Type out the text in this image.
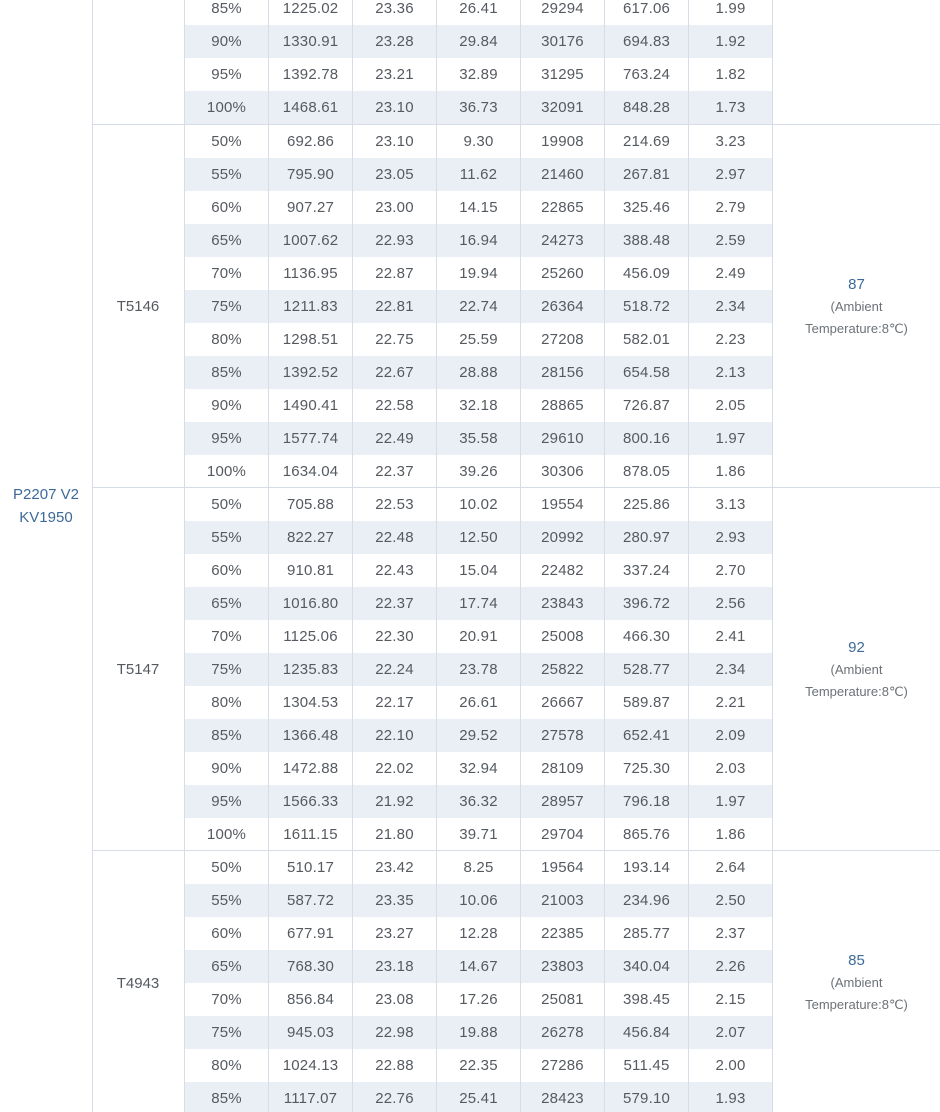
P2207 V2
KV1950
85%	1225.02	23.36	26.41	29294	617.06	1.99
90%	1330.91	23.28	29.84	30176	694.83	1.92
95%	1392.78	23.21	32.89	31295	763.24	1.82
100%	1468.61	23.10	36.73	32091	848.28	1.73
T5146
50%	692.86	23.10	9.30	19908	214.69	3.23
55%	795.90	23.05	11.62	21460	267.81	2.97
60%	907.27	23.00	14.15	22865	325.46	2.79
65%	1007.62	22.93	16.94	24273	388.48	2.59
70%	1136.95	22.87	19.94	25260	456.09	2.49
75%	1211.83	22.81	22.74	26364	518.72	2.34
80%	1298.51	22.75	25.59	27208	582.01	2.23
85%	1392.52	22.67	28.88	28156	654.58	2.13
90%	1490.41	22.58	32.18	28865	726.87	2.05
95%	1577.74	22.49	35.58	29610	800.16	1.97
100%	1634.04	22.37	39.26	30306	878.05	1.86
87
(Ambient
Temperature:8℃)
T5147
50%	705.88	22.53	10.02	19554	225.86	3.13
55%	822.27	22.48	12.50	20992	280.97	2.93
60%	910.81	22.43	15.04	22482	337.24	2.70
65%	1016.80	22.37	17.74	23843	396.72	2.56
70%	1125.06	22.30	20.91	25008	466.30	2.41
75%	1235.83	22.24	23.78	25822	528.77	2.34
80%	1304.53	22.17	26.61	26667	589.87	2.21
85%	1366.48	22.10	29.52	27578	652.41	2.09
90%	1472.88	22.02	32.94	28109	725.30	2.03
95%	1566.33	21.92	36.32	28957	796.18	1.97
100%	1611.15	21.80	39.71	29704	865.76	1.86
92
(Ambient
Temperature:8℃)
T4943
50%	510.17	23.42	8.25	19564	193.14	2.64
55%	587.72	23.35	10.06	21003	234.96	2.50
60%	677.91	23.27	12.28	22385	285.77	2.37
65%	768.30	23.18	14.67	23803	340.04	2.26
70%	856.84	23.08	17.26	25081	398.45	2.15
75%	945.03	22.98	19.88	26278	456.84	2.07
80%	1024.13	22.88	22.35	27286	511.45	2.00
85%	1117.07	22.76	25.41	28423	579.10	1.93
85
(Ambient
Temperature:8℃)
